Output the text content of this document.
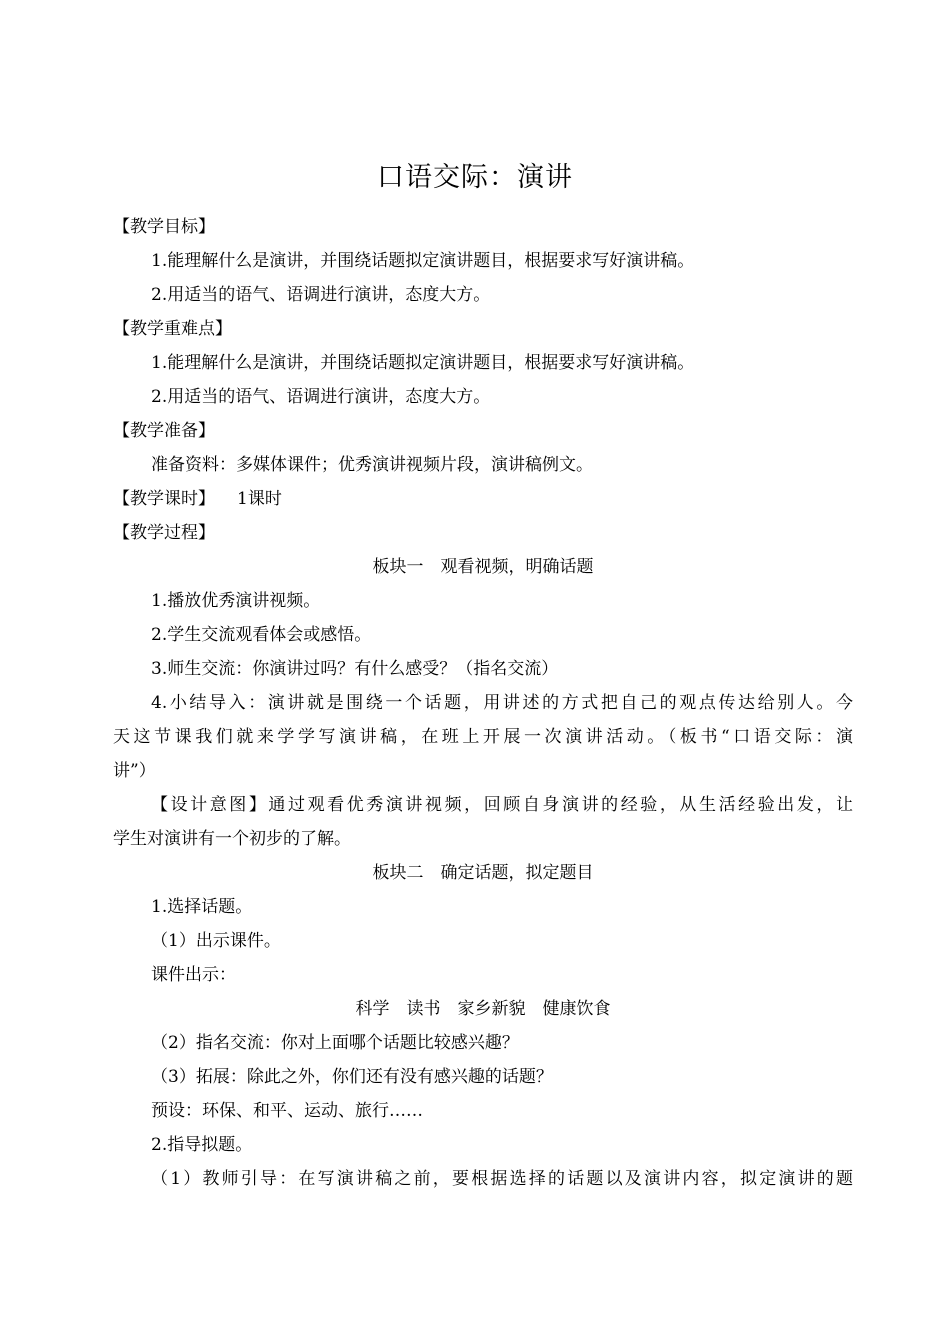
口语交际：演讲
【教学目标】
1.能理解什么是演讲，并围绕话题拟定演讲题目，根据要求写好演讲稿。
2.用适当的语气、语调进行演讲，态度大方。
【教学重难点】
1.能理解什么是演讲，并围绕话题拟定演讲题目，根据要求写好演讲稿。
2.用适当的语气、语调进行演讲，态度大方。
【教学准备】
准备资料：多媒体课件；优秀演讲视频片段，演讲稿例文。
【教学课时】 1课时
【教学过程】
板块一　观看视频，明确话题
1.播放优秀演讲视频。
2.学生交流观看体会或感悟。
3.师生交流：你演讲过吗？有什么感受？（指名交流）
4.小结导入：演讲就是围绕一个话题，用讲述的方式把自己的观点传达给别人。今
天这节课我们就来学学写演讲稿，在班上开展一次演讲活动。（板书“口语交际：演
讲”）
【设计意图】通过观看优秀演讲视频，回顾自身演讲的经验，从生活经验出发，让
学生对演讲有一个初步的了解。
板块二　确定话题，拟定题目
1.选择话题。
（1）出示课件。
课件出示：
科学　读书　家乡新貌　健康饮食
（2）指名交流：你对上面哪个话题比较感兴趣？
（3）拓展：除此之外，你们还有没有感兴趣的话题？
预设：环保、和平、运动、旅行……
2.指导拟题。
（1）教师引导：在写演讲稿之前，要根据选择的话题以及演讲内容，拟定演讲的题
